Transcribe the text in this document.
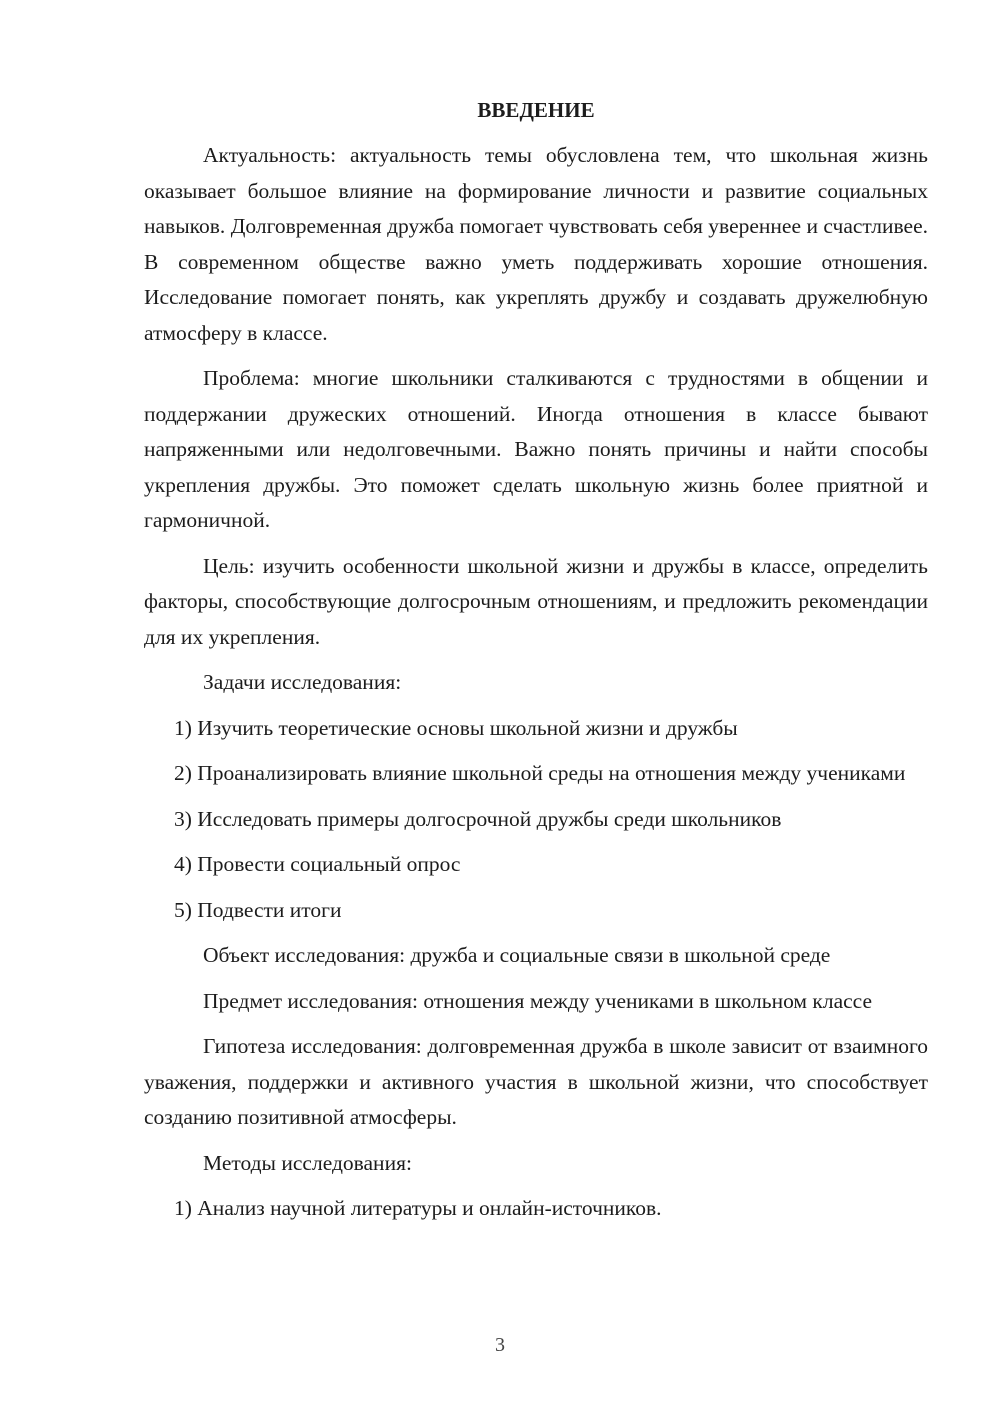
ВВЕДЕНИЕ

Актуальность: актуальность темы обусловлена тем, что школьная жизнь оказывает большое влияние на формирование личности и развитие социальных навыков. Долговременная дружба помогает чувствовать себя увереннее и счастливее. В современном обществе важно уметь поддерживать хорошие отношения. Исследование помогает понять, как укреплять дружбу и создавать дружелюбную атмосферу в классе.

Проблема: многие школьники сталкиваются с трудностями в общении и поддержании дружеских отношений. Иногда отношения в классе бывают напряженными или недолговечными. Важно понять причины и найти способы укрепления дружбы. Это поможет сделать школьную жизнь более приятной и гармоничной.

Цель: изучить особенности школьной жизни и дружбы в классе, определить факторы, способствующие долгосрочным отношениям, и предложить рекомендации для их укрепления.

Задачи исследования:

1) Изучить теоретические основы школьной жизни и дружбы

2) Проанализировать влияние школьной среды на отношения между учениками

3) Исследовать примеры долгосрочной дружбы среди школьников

4) Провести социальный опрос

5) Подвести итоги

Объект исследования: дружба и социальные связи в школьной среде

Предмет исследования: отношения между учениками в школьном классе

Гипотеза исследования: долговременная дружба в школе зависит от взаимного уважения, поддержки и активного участия в школьной жизни, что способствует созданию позитивной атмосферы.

Методы исследования:

1) Анализ научной литературы и онлайн-источников.

3
